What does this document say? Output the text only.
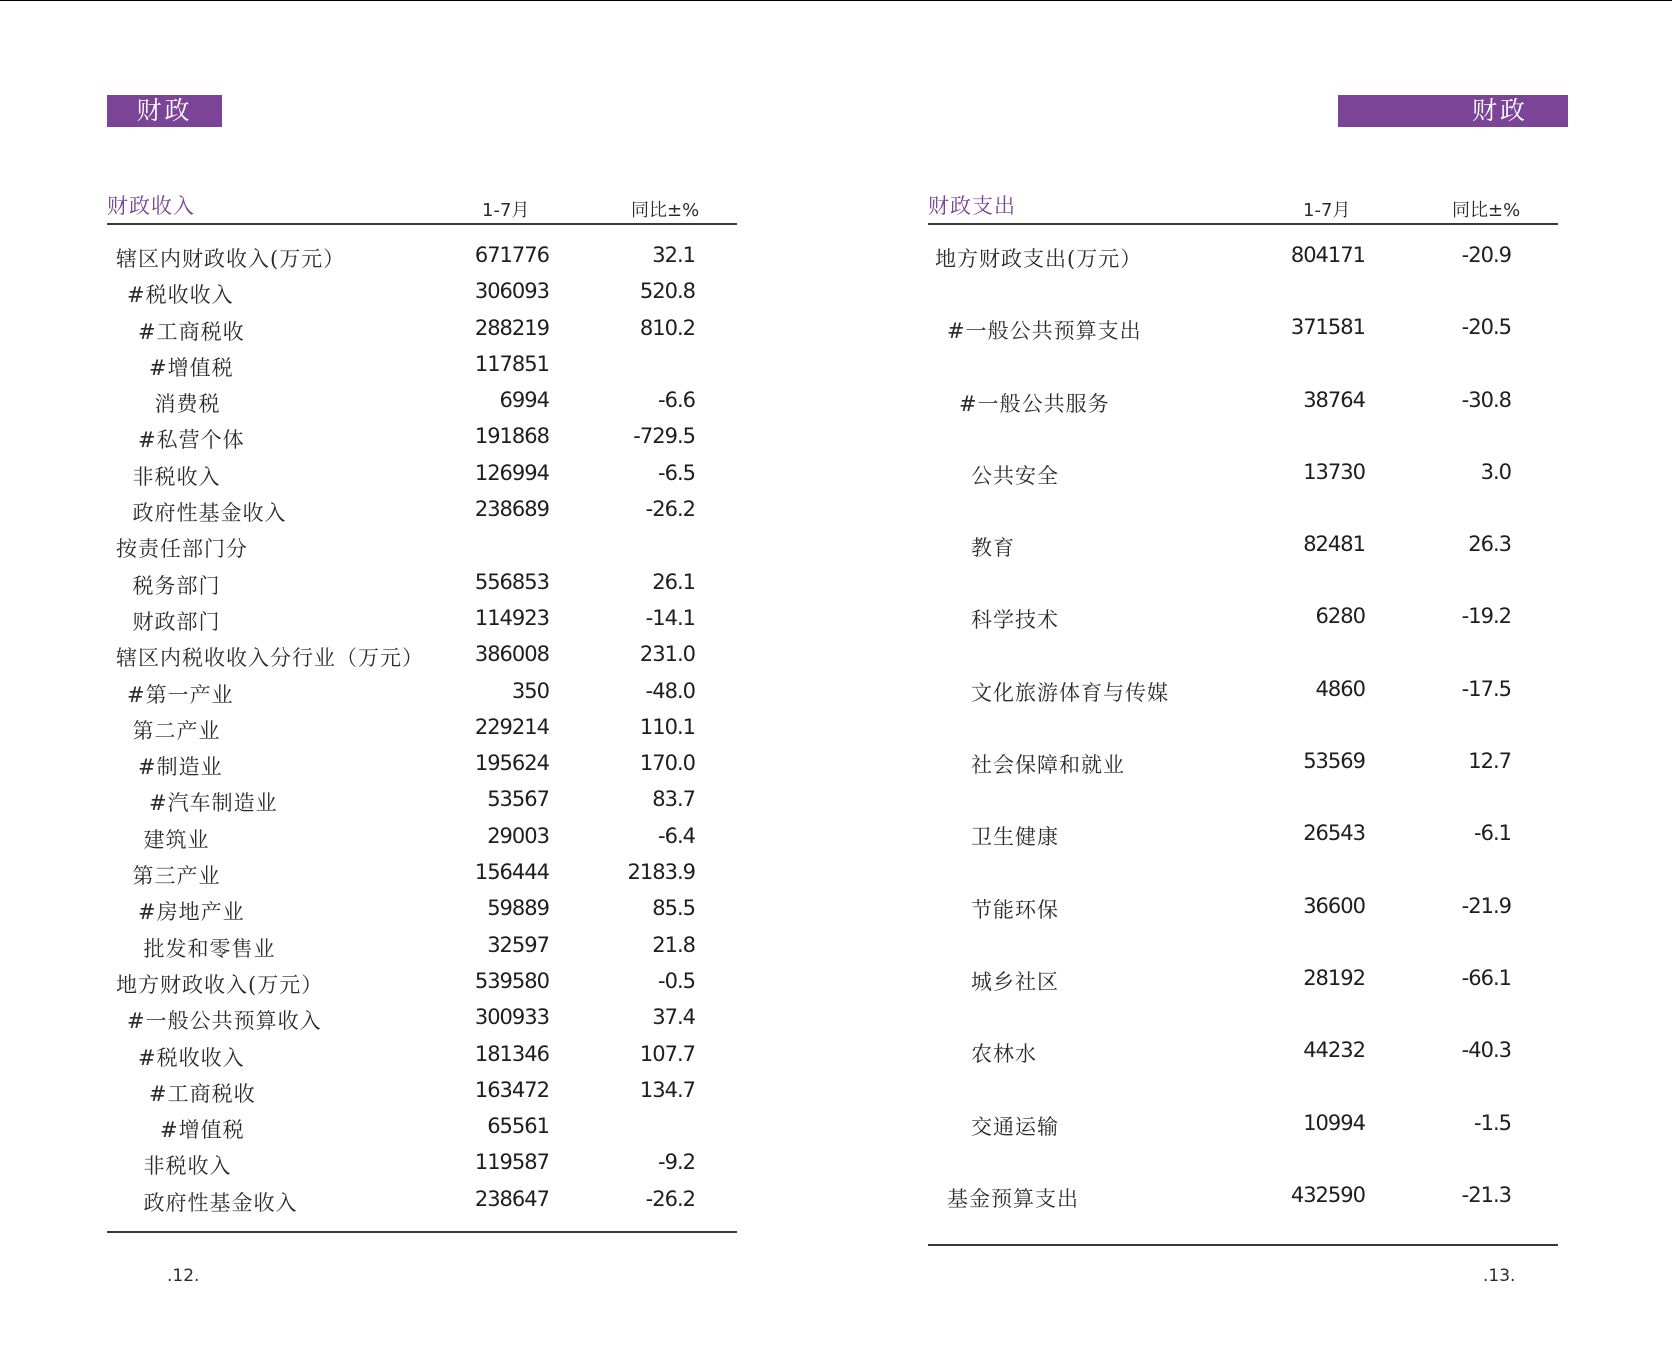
财政	财政
财政收入	1-7月	同比±%
辖区内财政收入(万元）	671776	32.1
#税收收入	306093	520.8
#工商税收	288219	810.2
#增值税	117851
消费税	6994	-6.6
#私营个体	191868	-729.5
非税收入	126994	-6.5
政府性基金收入	238689	-26.2
按责任部门分
税务部门	556853	26.1
财政部门	114923	-14.1
辖区内税收收入分行业（万元）	386008	231.0
#第一产业	350	-48.0
第二产业	229214	110.1
#制造业	195624	170.0
#汽车制造业	53567	83.7
建筑业	29003	-6.4
第三产业	156444	2183.9
#房地产业	59889	85.5
批发和零售业	32597	21.8
地方财政收入(万元）	539580	-0.5
#一般公共预算收入	300933	37.4
#税收收入	181346	107.7
#工商税收	163472	134.7
#增值税	65561
非税收入	119587	-9.2
政府性基金收入	238647	-26.2
财政支出	1-7月	同比±%
地方财政支出(万元）	804171	-20.9
#一般公共预算支出	371581	-20.5
#一般公共服务	38764	-30.8
公共安全	13730	3.0
教育	82481	26.3
科学技术	6280	-19.2
文化旅游体育与传媒	4860	-17.5
社会保障和就业	53569	12.7
卫生健康	26543	-6.1
节能环保	36600	-21.9
城乡社区	28192	-66.1
农林水	44232	-40.3
交通运输	10994	-1.5
基金预算支出	432590	-21.3
.12.	.13.
